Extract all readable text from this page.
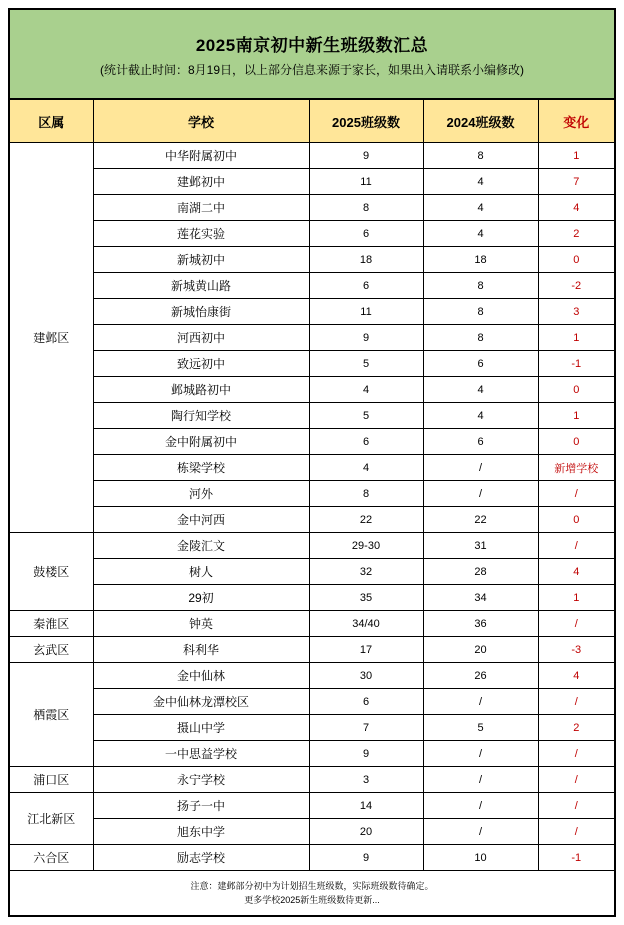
2025南京初中新生班级数汇总
(统计截止时间：8月19日，以上部分信息来源于家长，如果出入请联系小编修改)
区属	学校	2025班级数	2024班级数	变化
建邺区	中华附属初中	9	8	1
	建邺初中	11	4	7
	南湖二中	8	4	4
	莲花实验	6	4	2
	新城初中	18	18	0
	新城黄山路	6	8	-2
	新城怡康街	11	8	3
	河西初中	9	8	1
	致远初中	5	6	-1
	邺城路初中	4	4	0
	陶行知学校	5	4	1
	金中附属初中	6	6	0
	栋梁学校	4	/	新增学校
	河外	8	/	/
	金中河西	22	22	0
鼓楼区	金陵汇文	29-30	31	/
	树人	32	28	4
	29初	35	34	1
秦淮区	钟英	34/40	36	/
玄武区	科利华	17	20	-3
栖霞区	金中仙林	30	26	4
	金中仙林龙潭校区	6	/	/
	摄山中学	7	5	2
	一中思益学校	9	/	/
浦口区	永宁学校	3	/	/
江北新区	扬子一中	14	/	/
	旭东中学	20	/	/
六合区	励志学校	9	10	-1

注意：建邺部分初中为计划招生班级数，实际班级数待确定。
更多学校2025新生班级数待更新...				
